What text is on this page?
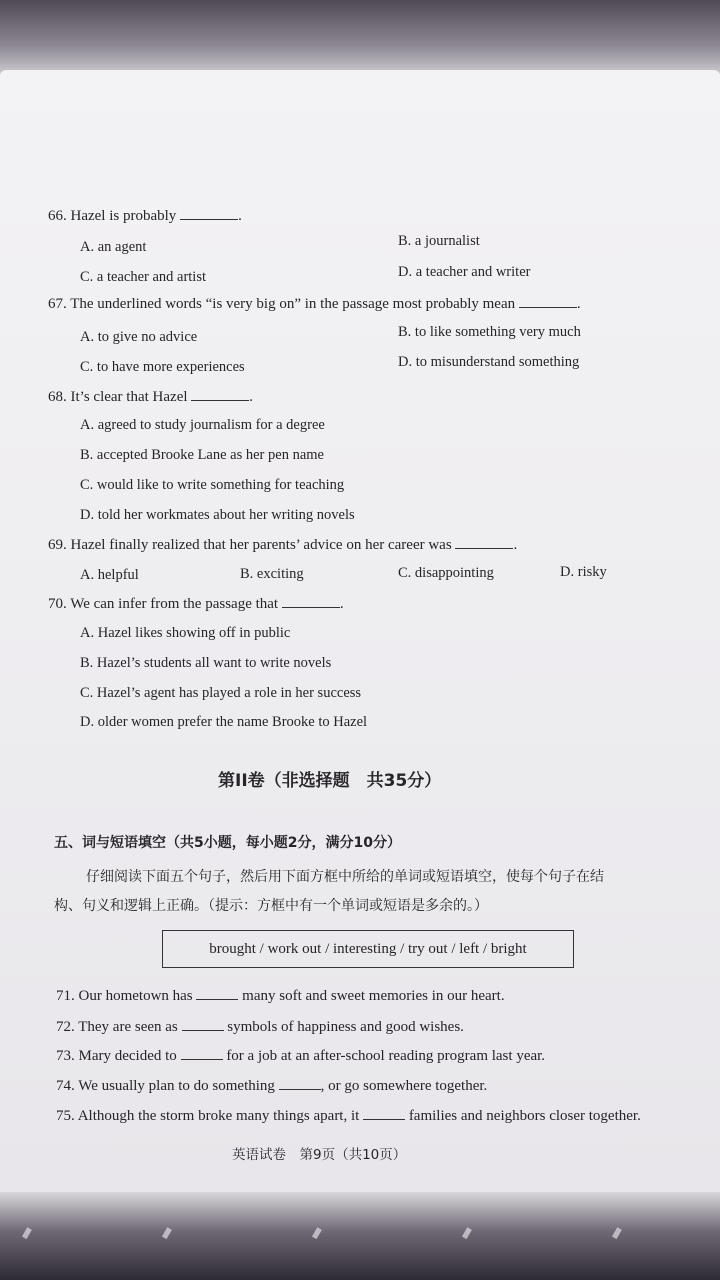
66. Hazel is probably	.
A. an agent	B. a journalist
C. a teacher and artist	D. a teacher and writer
67. The underlined words “is very big on” in the passage most probably mean	.
A. to give no advice	B. to like something very much
C. to have more experiences	D. to misunderstand something
68. It’s clear that Hazel	.
A. agreed to study journalism for a degree
B. accepted Brooke Lane as her pen name
C. would like to write something for teaching
D. told her workmates about her writing novels
69. Hazel finally realized that her parents’ advice on her career was	.
A. helpful	B. exciting	C. disappointing	D. risky
70. We can infer from the passage that	.
A. Hazel likes showing off in public
B. Hazel’s students all want to write novels
C. Hazel’s agent has played a role in her success
D. older women prefer the name Brooke to Hazel
第II卷（非选择题　共35分）
五、词与短语填空（共5小题，每小题2分，满分10分）
仔细阅读下面五个句子，然后用下面方框中所给的单词或短语填空，使每个句子在结
构、句义和逻辑上正确。（提示：方框中有一个单词或短语是多余的。）
brought / work out / interesting / try out / left / bright
71. Our hometown has	many soft and sweet memories in our heart.
72. They are seen as	symbols of happiness and good wishes.
73. Mary decided to	for a job at an after-school reading program last year.
74. We usually plan to do something	, or go somewhere together.
75. Although the storm broke many things apart, it	families and neighbors closer together.
英语试卷　第9页（共10页）
▬	▬	▬	▬	▬
